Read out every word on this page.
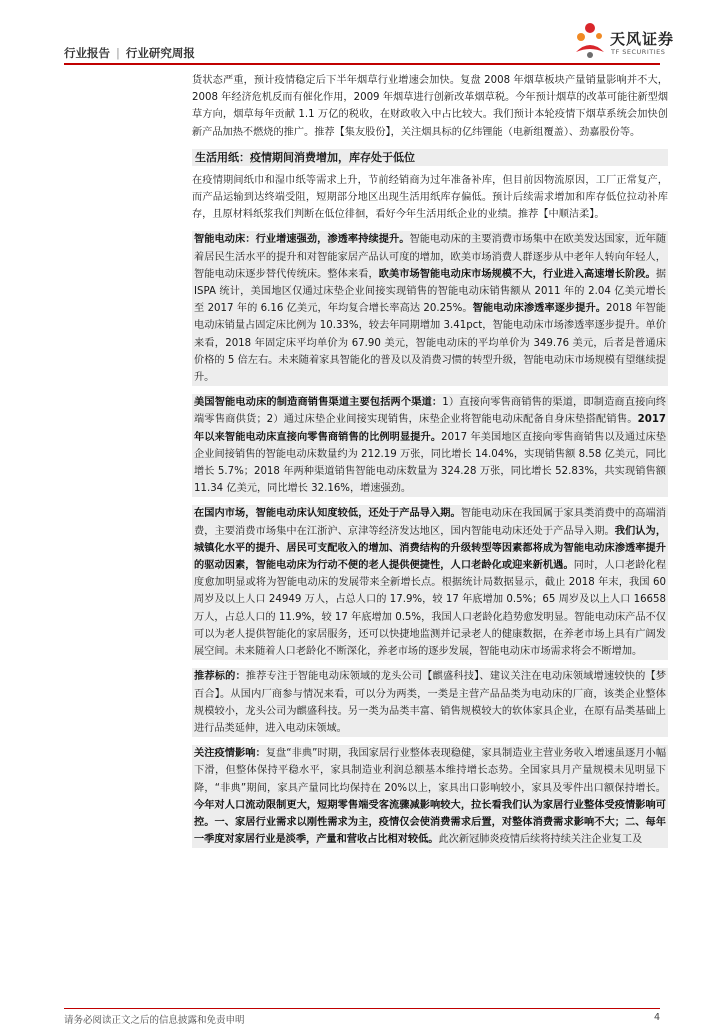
行业报告 | 行业研究周报
天风证券
TF SECURITIES

货状态严重，预计疫情稳定后下半年烟草行业增速会加快。复盘 2008 年烟草板块产量销量影响并不大，2008 年经济危机反而有催化作用，2009 年烟草进行创新改革烟草税。今年预计烟草的改革可能往新型烟草方向，烟草每年贡献 1.1 万亿的税收，在财政收入中占比较大。我们预计本轮疫情下烟草系统会加快创新产品加热不燃烧的推广。推荐【集友股份】，关注烟具标的亿纬锂能（电新组覆盖）、劲嘉股份等。

生活用纸：疫情期间消费增加，库存处于低位

在疫情期间纸巾和湿巾纸等需求上升，节前经销商为过年准备补库，但目前因物流原因，工厂正常复产，而产品运输到达终端受阻，短期部分地区出现生活用纸库存偏低。预计后续需求增加和库存低位拉动补库存，且原材料纸浆我们判断在低位徘徊，看好今年生活用纸企业的业绩。推荐【中顺洁柔】。

智能电动床：行业增速强劲，渗透率持续提升。智能电动床的主要消费市场集中在欧美发达国家，近年随着居民生活水平的提升和对智能家居产品认可度的增加，欧美市场消费人群逐步从中老年人转向年轻人，智能电动床逐步替代传统床。整体来看，欧美市场智能电动床市场规模不大，行业进入高速增长阶段。据 ISPA 统计，美国地区仅通过床垫企业间接实现销售的智能电动床销售额从 2011 年的 2.04 亿美元增长至 2017 年的 6.16 亿美元，年均复合增长率高达 20.25%。智能电动床渗透率逐步提升。2018 年智能电动床销量占固定床比例为 10.33%，较去年同期增加 3.41pct，智能电动床市场渗透率逐步提升。单价来看，2018 年固定床平均单价为 67.90 美元，智能电动床的平均单价为 349.76 美元，后者是普通床价格的 5 倍左右。未来随着家具智能化的普及以及消费习惯的转型升级，智能电动床市场规模有望继续提升。

美国智能电动床的制造商销售渠道主要包括两个渠道：1）直接向零售商销售的渠道，即制造商直接向终端零售商供货；2）通过床垫企业间接实现销售，床垫企业将智能电动床配备自身床垫搭配销售。2017 年以来智能电动床直接向零售商销售的比例明显提升。2017 年美国地区直接向零售商销售以及通过床垫企业间接销售的智能电动床数量约为 212.19 万张，同比增长 14.04%，实现销售额 8.58 亿美元，同比增长 5.7%；2018 年两种渠道销售智能电动床数量为 324.28 万张，同比增长 52.83%，共实现销售额 11.34 亿美元，同比增长 32.16%，增速强劲。

在国内市场，智能电动床认知度较低，还处于产品导入期。智能电动床在我国属于家具类消费中的高端消费，主要消费市场集中在江浙沪、京津等经济发达地区，国内智能电动床还处于产品导入期。我们认为，城镇化水平的提升、居民可支配收入的增加、消费结构的升级转型等因素都将成为智能电动床渗透率提升的驱动因素，智能电动床为行动不便的老人提供便捷性，人口老龄化或迎来新机遇。同时，人口老龄化程度愈加明显或将为智能电动床的发展带来全新增长点。根据统计局数据显示，截止 2018 年末，我国 60 周岁及以上人口 24949 万人，占总人口的 17.9%，较 17 年底增加 0.5%；65 周岁及以上人口 16658 万人，占总人口的 11.9%，较 17 年底增加 0.5%，我国人口老龄化趋势愈发明显。智能电动床产品不仅可以为老人提供智能化的家居服务，还可以快捷地监测并记录老人的健康数据，在养老市场上具有广阔发展空间。未来随着人口老龄化不断深化，养老市场的逐步发展，智能电动床市场需求将会不断增加。

推荐标的：推荐专注于智能电动床领域的龙头公司【麒盛科技】、建议关注在电动床领域增速较快的【梦百合】。从国内厂商参与情况来看，可以分为两类，一类是主营产品品类为电动床的厂商，该类企业整体规模较小，龙头公司为麒盛科技。另一类为品类丰富、销售规模较大的软体家具企业，在原有品类基础上进行品类延伸，进入电动床领域。

关注疫情影响：复盘“非典”时期，我国家居行业整体表现稳健，家具制造业主营业务收入增速虽逐月小幅下滑，但整体保持平稳水平，家具制造业利润总额基本维持增长态势。全国家具月产量规模未见明显下降，“非典”期间，家具产量同比均保持在 20%以上，家具出口影响较小，家具及零件出口额保持增长。今年对人口流动限制更大，短期零售端受客流骤减影响较大，拉长看我们认为家居行业整体受疫情影响可控。一、家居行业需求以刚性需求为主，疫情仅会使消费需求后置，对整体消费需求影响不大；二、每年一季度对家居行业是淡季，产量和营收占比相对较低。此次新冠肺炎疫情后续将持续关注企业复工及

请务必阅读正文之后的信息披露和免责申明	4
